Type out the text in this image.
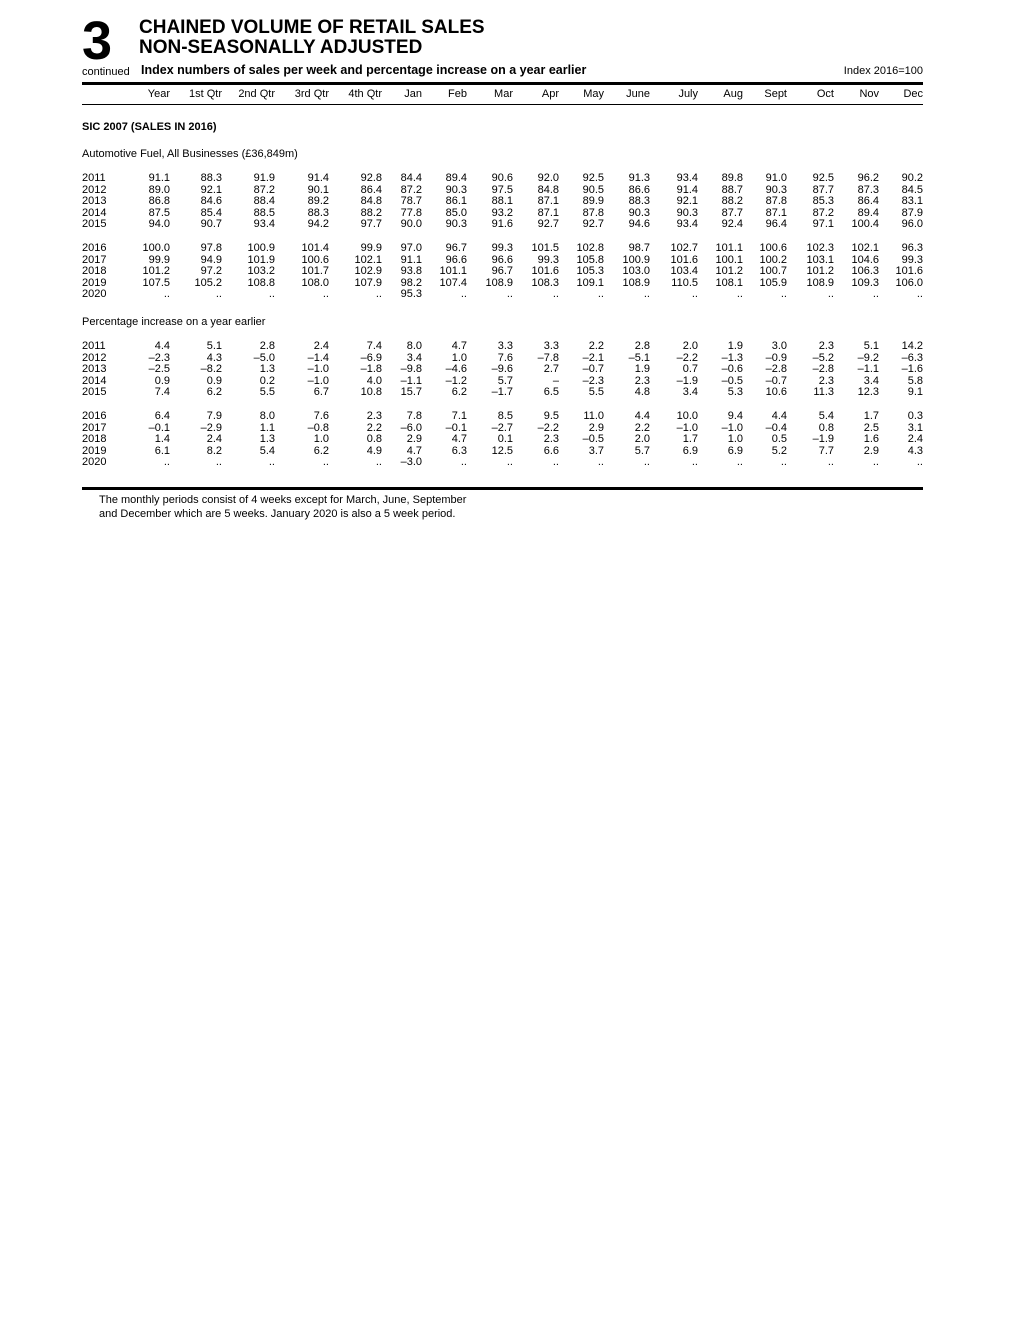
3
continued
CHAINED VOLUME OF RETAIL SALES
NON-SEASONALLY ADJUSTED
Index numbers of sales per week and percentage increase on a year earlier	Index 2016=100
	Year	1st Qtr	2nd Qtr	3rd Qtr	4th Qtr	Jan	Feb	Mar	Apr	May	June	July	Aug	Sept	Oct	Nov	Dec
SIC 2007 (SALES IN 2016)
Automotive Fuel, All Businesses (£36,849m)
2011	91.1	88.3	91.9	91.4	92.8	84.4	89.4	90.6	92.0	92.5	91.3	93.4	89.8	91.0	92.5	96.2	90.2
2012	89.0	92.1	87.2	90.1	86.4	87.2	90.3	97.5	84.8	90.5	86.6	91.4	88.7	90.3	87.7	87.3	84.5
2013	86.8	84.6	88.4	89.2	84.8	78.7	86.1	88.1	87.1	89.9	88.3	92.1	88.2	87.8	85.3	86.4	83.1
2014	87.5	85.4	88.5	88.3	88.2	77.8	85.0	93.2	87.1	87.8	90.3	90.3	87.7	87.1	87.2	89.4	87.9
2015	94.0	90.7	93.4	94.2	97.7	90.0	90.3	91.6	92.7	92.7	94.6	93.4	92.4	96.4	97.1	100.4	96.0
2016	100.0	97.8	100.9	101.4	99.9	97.0	96.7	99.3	101.5	102.8	98.7	102.7	101.1	100.6	102.3	102.1	96.3
2017	99.9	94.9	101.9	100.6	102.1	91.1	96.6	96.6	99.3	105.8	100.9	101.6	100.1	100.2	103.1	104.6	99.3
2018	101.2	97.2	103.2	101.7	102.9	93.8	101.1	96.7	101.6	105.3	103.0	103.4	101.2	100.7	101.2	106.3	101.6
2019	107.5	105.2	108.8	108.0	107.9	98.2	107.4	108.9	108.3	109.1	108.9	110.5	108.1	105.9	108.9	109.3	106.0
2020	..	..	..	..	..	95.3	..	..	..	..	..	..	..	..	..	..	..
Percentage increase on a year earlier
2011	4.4	5.1	2.8	2.4	7.4	8.0	4.7	3.3	3.3	2.2	2.8	2.0	1.9	3.0	2.3	5.1	14.2
2012	–2.3	4.3	–5.0	–1.4	–6.9	3.4	1.0	7.6	–7.8	–2.1	–5.1	–2.2	–1.3	–0.9	–5.2	–9.2	–6.3
2013	–2.5	–8.2	1.3	–1.0	–1.8	–9.8	–4.6	–9.6	2.7	–0.7	1.9	0.7	–0.6	–2.8	–2.8	–1.1	–1.6
2014	0.9	0.9	0.2	–1.0	4.0	–1.1	–1.2	5.7	–	–2.3	2.3	–1.9	–0.5	–0.7	2.3	3.4	5.8
2015	7.4	6.2	5.5	6.7	10.8	15.7	6.2	–1.7	6.5	5.5	4.8	3.4	5.3	10.6	11.3	12.3	9.1
2016	6.4	7.9	8.0	7.6	2.3	7.8	7.1	8.5	9.5	11.0	4.4	10.0	9.4	4.4	5.4	1.7	0.3
2017	–0.1	–2.9	1.1	–0.8	2.2	–6.0	–0.1	–2.7	–2.2	2.9	2.2	–1.0	–1.0	–0.4	0.8	2.5	3.1
2018	1.4	2.4	1.3	1.0	0.8	2.9	4.7	0.1	2.3	–0.5	2.0	1.7	1.0	0.5	–1.9	1.6	2.4
2019	6.1	8.2	5.4	6.2	4.9	4.7	6.3	12.5	6.6	3.7	5.7	6.9	6.9	5.2	7.7	2.9	4.3
2020	..	..	..	..	..	–3.0	..	..	..	..	..	..	..	..	..	..	..
The monthly periods consist of 4 weeks except for March, June, September
and December which are 5 weeks. January 2020 is also a 5 week period.
